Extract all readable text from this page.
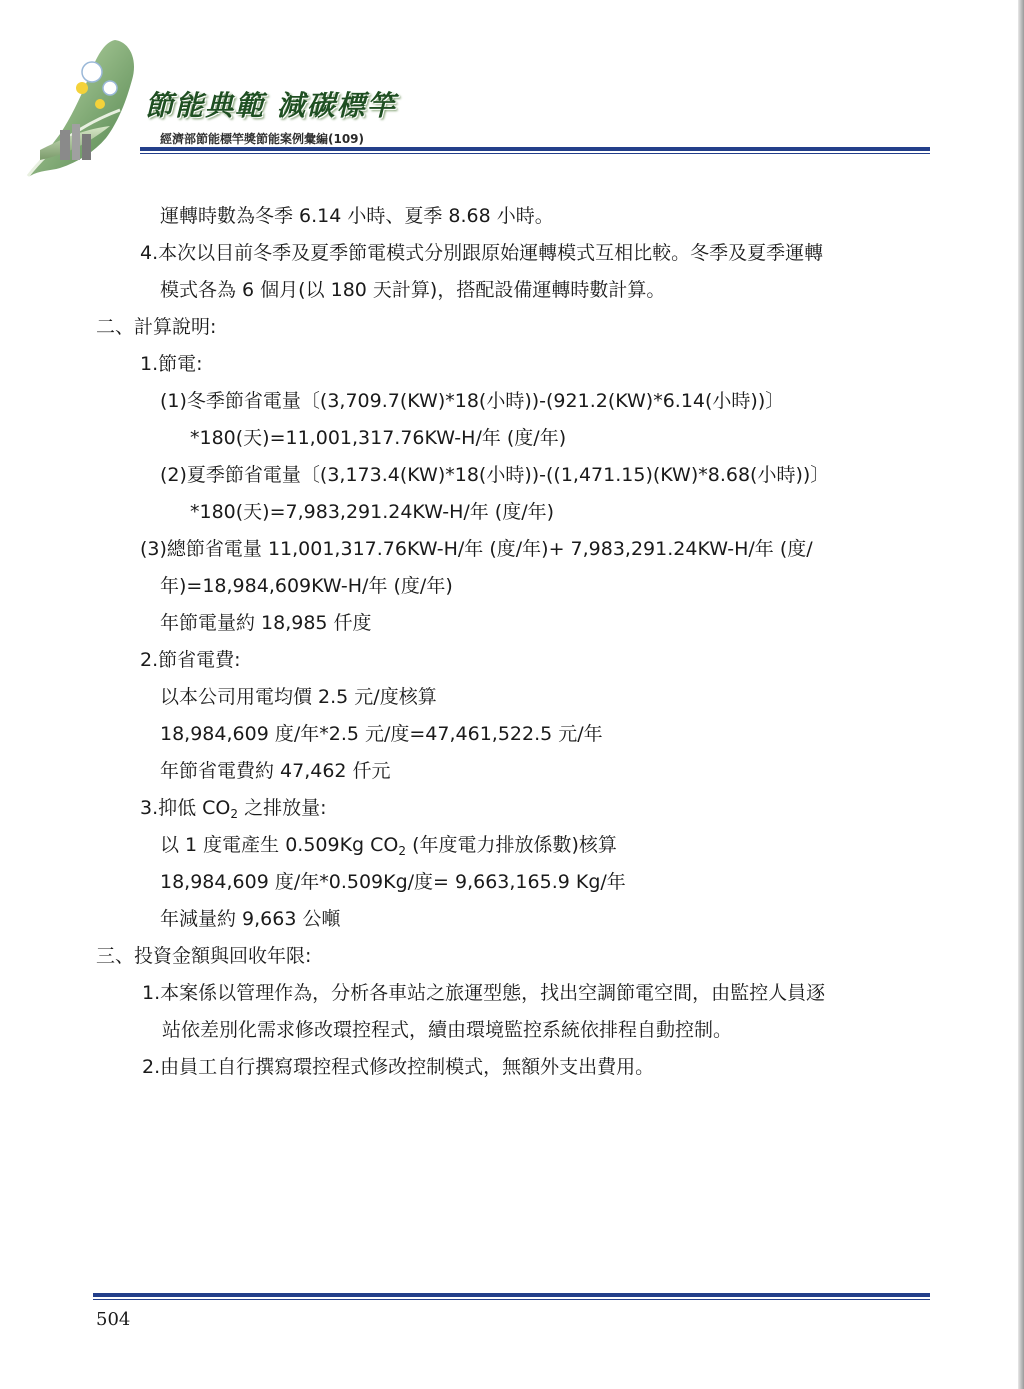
節能典範 減碳標竿
經濟部節能標竿獎節能案例彙編(109)
運轉時數為冬季 6.14 小時、夏季 8.68 小時。
4.本次以目前冬季及夏季節電模式分別跟原始運轉模式互相比較。冬季及夏季運轉
模式各為 6 個月(以 180 天計算)，搭配設備運轉時數計算。
二、計算說明:
1.節電:
(1)冬季節省電量〔(3,709.7(KW)*18(小時))-(921.2(KW)*6.14(小時))〕
*180(天)=11,001,317.76KW-H/年 (度/年)
(2)夏季節省電量〔(3,173.4(KW)*18(小時))-((1,471.15)(KW)*8.68(小時))〕
*180(天)=7,983,291.24KW-H/年 (度/年)
(3)總節省電量 11,001,317.76KW-H/年 (度/年)+ 7,983,291.24KW-H/年 (度/
年)=18,984,609KW-H/年 (度/年)
年節電量約 18,985 仟度
2.節省電費:
以本公司用電均價 2.5 元/度核算
18,984,609 度/年*2.5 元/度=47,461,522.5 元/年
年節省電費約 47,462 仟元
3.抑低 $CO_2$ 之排放量:
以 1 度電產生 0.509Kg $CO_2$ (年度電力排放係數)核算
18,984,609 度/年*0.509Kg/度= 9,663,165.9 Kg/年
年減量約 9,663 公噸
三、投資金額與回收年限:
1.本案係以管理作為，分析各車站之旅運型態，找出空調節電空間，由監控人員逐
站依差別化需求修改環控程式，續由環境監控系統依排程自動控制。
2.由員工自行撰寫環控程式修改控制模式，無額外支出費用。
504
